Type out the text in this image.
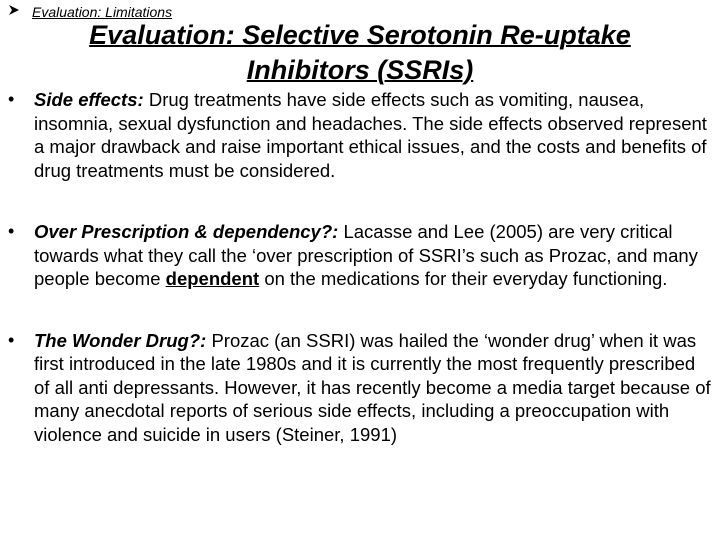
Evaluation: Limitations
Evaluation: Selective Serotonin Re-uptake Inhibitors (SSRIs)
•	Side effects: Drug treatments have side effects such as vomiting, nausea, insomnia, sexual dysfunction and headaches. The side effects observed represent a major drawback and raise important ethical issues, and the costs and benefits of drug treatments must be considered.
•	Over Prescription & dependency?: Lacasse and Lee (2005) are very critical towards what they call the ‘over prescription of SSRI’s such as Prozac, and many people become dependent on the medications for their everyday functioning.
•	The Wonder Drug?: Prozac (an SSRI) was hailed the ‘wonder drug’ when it was first introduced in the late 1980s and it is currently the most frequently prescribed of all anti depressants. However, it has recently become a media target because of many anecdotal reports of serious side effects, including a preoccupation with violence and suicide in users (Steiner, 1991)
